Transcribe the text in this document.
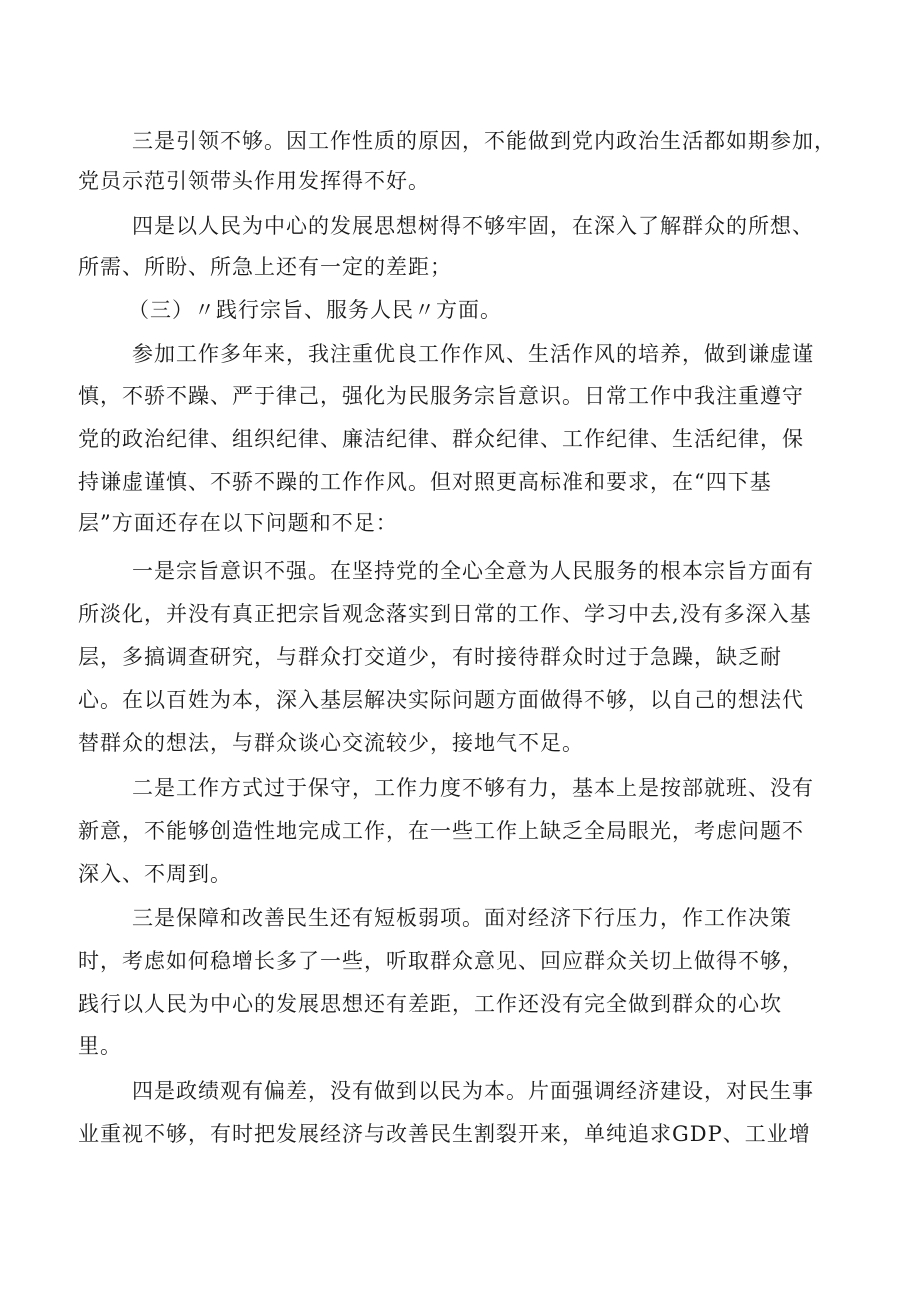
三是引领不够。因工作性质的原因，不能做到党内政治生活都如期参加，
党员示范引领带头作用发挥得不好。
四是以人民为中心的发展思想树得不够牢固，在深入了解群众的所想、
所需、所盼、所急上还有一定的差距；
（三）〃践行宗旨、服务人民〃方面。
参加工作多年来，我注重优良工作作风、生活作风的培养，做到谦虚谨
慎，不骄不躁、严于律己，强化为民服务宗旨意识。日常工作中我注重遵守
党的政治纪律、组织纪律、廉洁纪律、群众纪律、工作纪律、生活纪律，保
持谦虚谨慎、不骄不躁的工作作风。但对照更高标准和要求，在“四下基
层”方面还存在以下问题和不足：
一是宗旨意识不强。在坚持党的全心全意为人民服务的根本宗旨方面有
所淡化，并没有真正把宗旨观念落实到日常的工作、学习中去,没有多深入基
层，多搞调查研究，与群众打交道少，有时接待群众时过于急躁，缺乏耐
心。在以百姓为本，深入基层解决实际问题方面做得不够，以自己的想法代
替群众的想法，与群众谈心交流较少，接地气不足。
二是工作方式过于保守，工作力度不够有力，基本上是按部就班、没有
新意，不能够创造性地完成工作，在一些工作上缺乏全局眼光，考虑问题不
深入、不周到。
三是保障和改善民生还有短板弱项。面对经济下行压力，作工作决策
时，考虑如何稳增长多了一些，听取群众意见、回应群众关切上做得不够，
践行以人民为中心的发展思想还有差距，工作还没有完全做到群众的心坎
里。
四是政绩观有偏差，没有做到以民为本。片面强调经济建设，对民生事
业重视不够，有时把发展经济与改善民生割裂开来，单纯追求GDP、工业增
